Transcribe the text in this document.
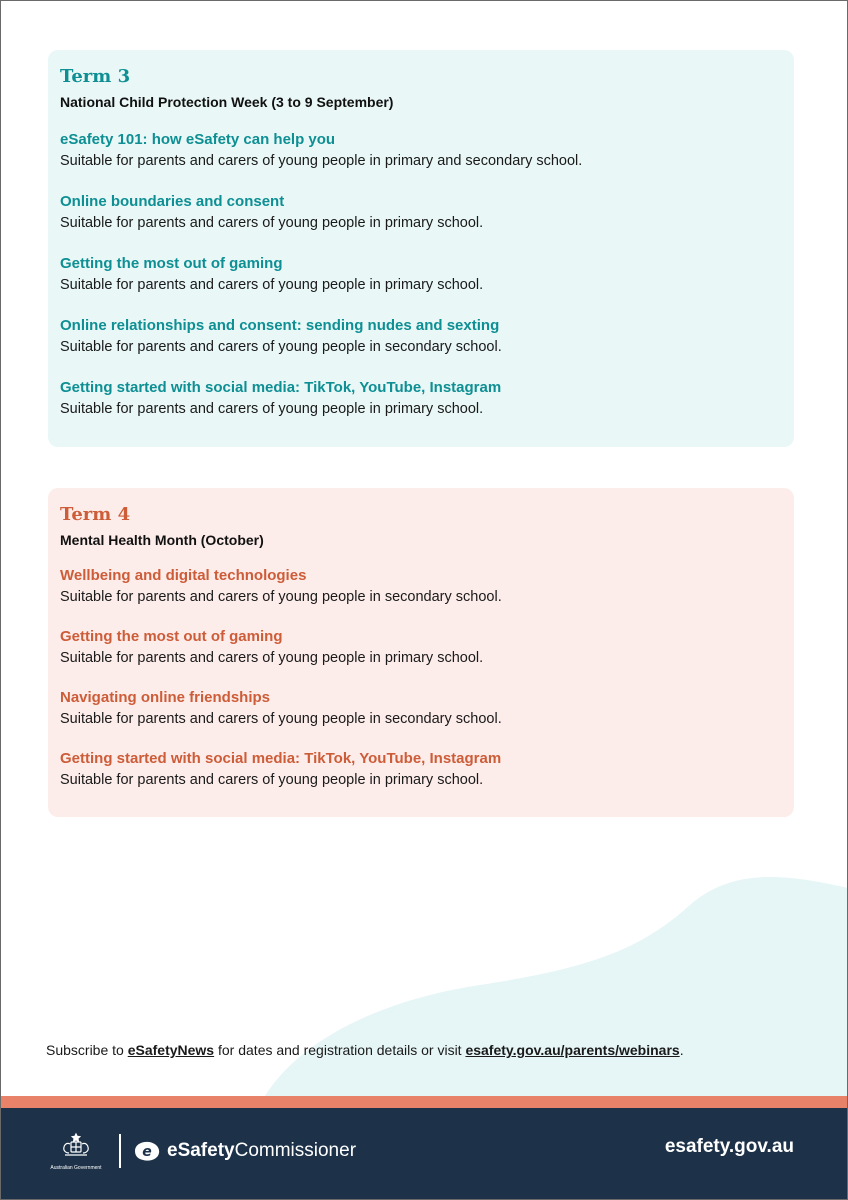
Term 3
National Child Protection Week (3 to 9 September)

eSafety 101: how eSafety can help you

Suitable for parents and carers of young people in primary and secondary school.

Online boundaries and consent

Suitable for parents and carers of young people in primary school.

Getting the most out of gaming

Suitable for parents and carers of young people in primary school.

Online relationships and consent: sending nudes and sexting

Suitable for parents and carers of young people in secondary school.

Getting started with social media: TikTok, YouTube, Instagram

Suitable for parents and carers of young people in primary school.

Term 4
Mental Health Month (October)

Wellbeing and digital technologies

Suitable for parents and carers of young people in secondary school.

Getting the most out of gaming

Suitable for parents and carers of young people in primary school.

Navigating online friendships

Suitable for parents and carers of young people in secondary school.

Getting started with social media: TikTok, YouTube, Instagram

Suitable for parents and carers of young people in primary school.

Subscribe to eSafetyNews for dates and registration details or visit esafety.gov.au/parents/webinars.
Australian Government
e eSafetyCommissioner	esafety.gov.au
